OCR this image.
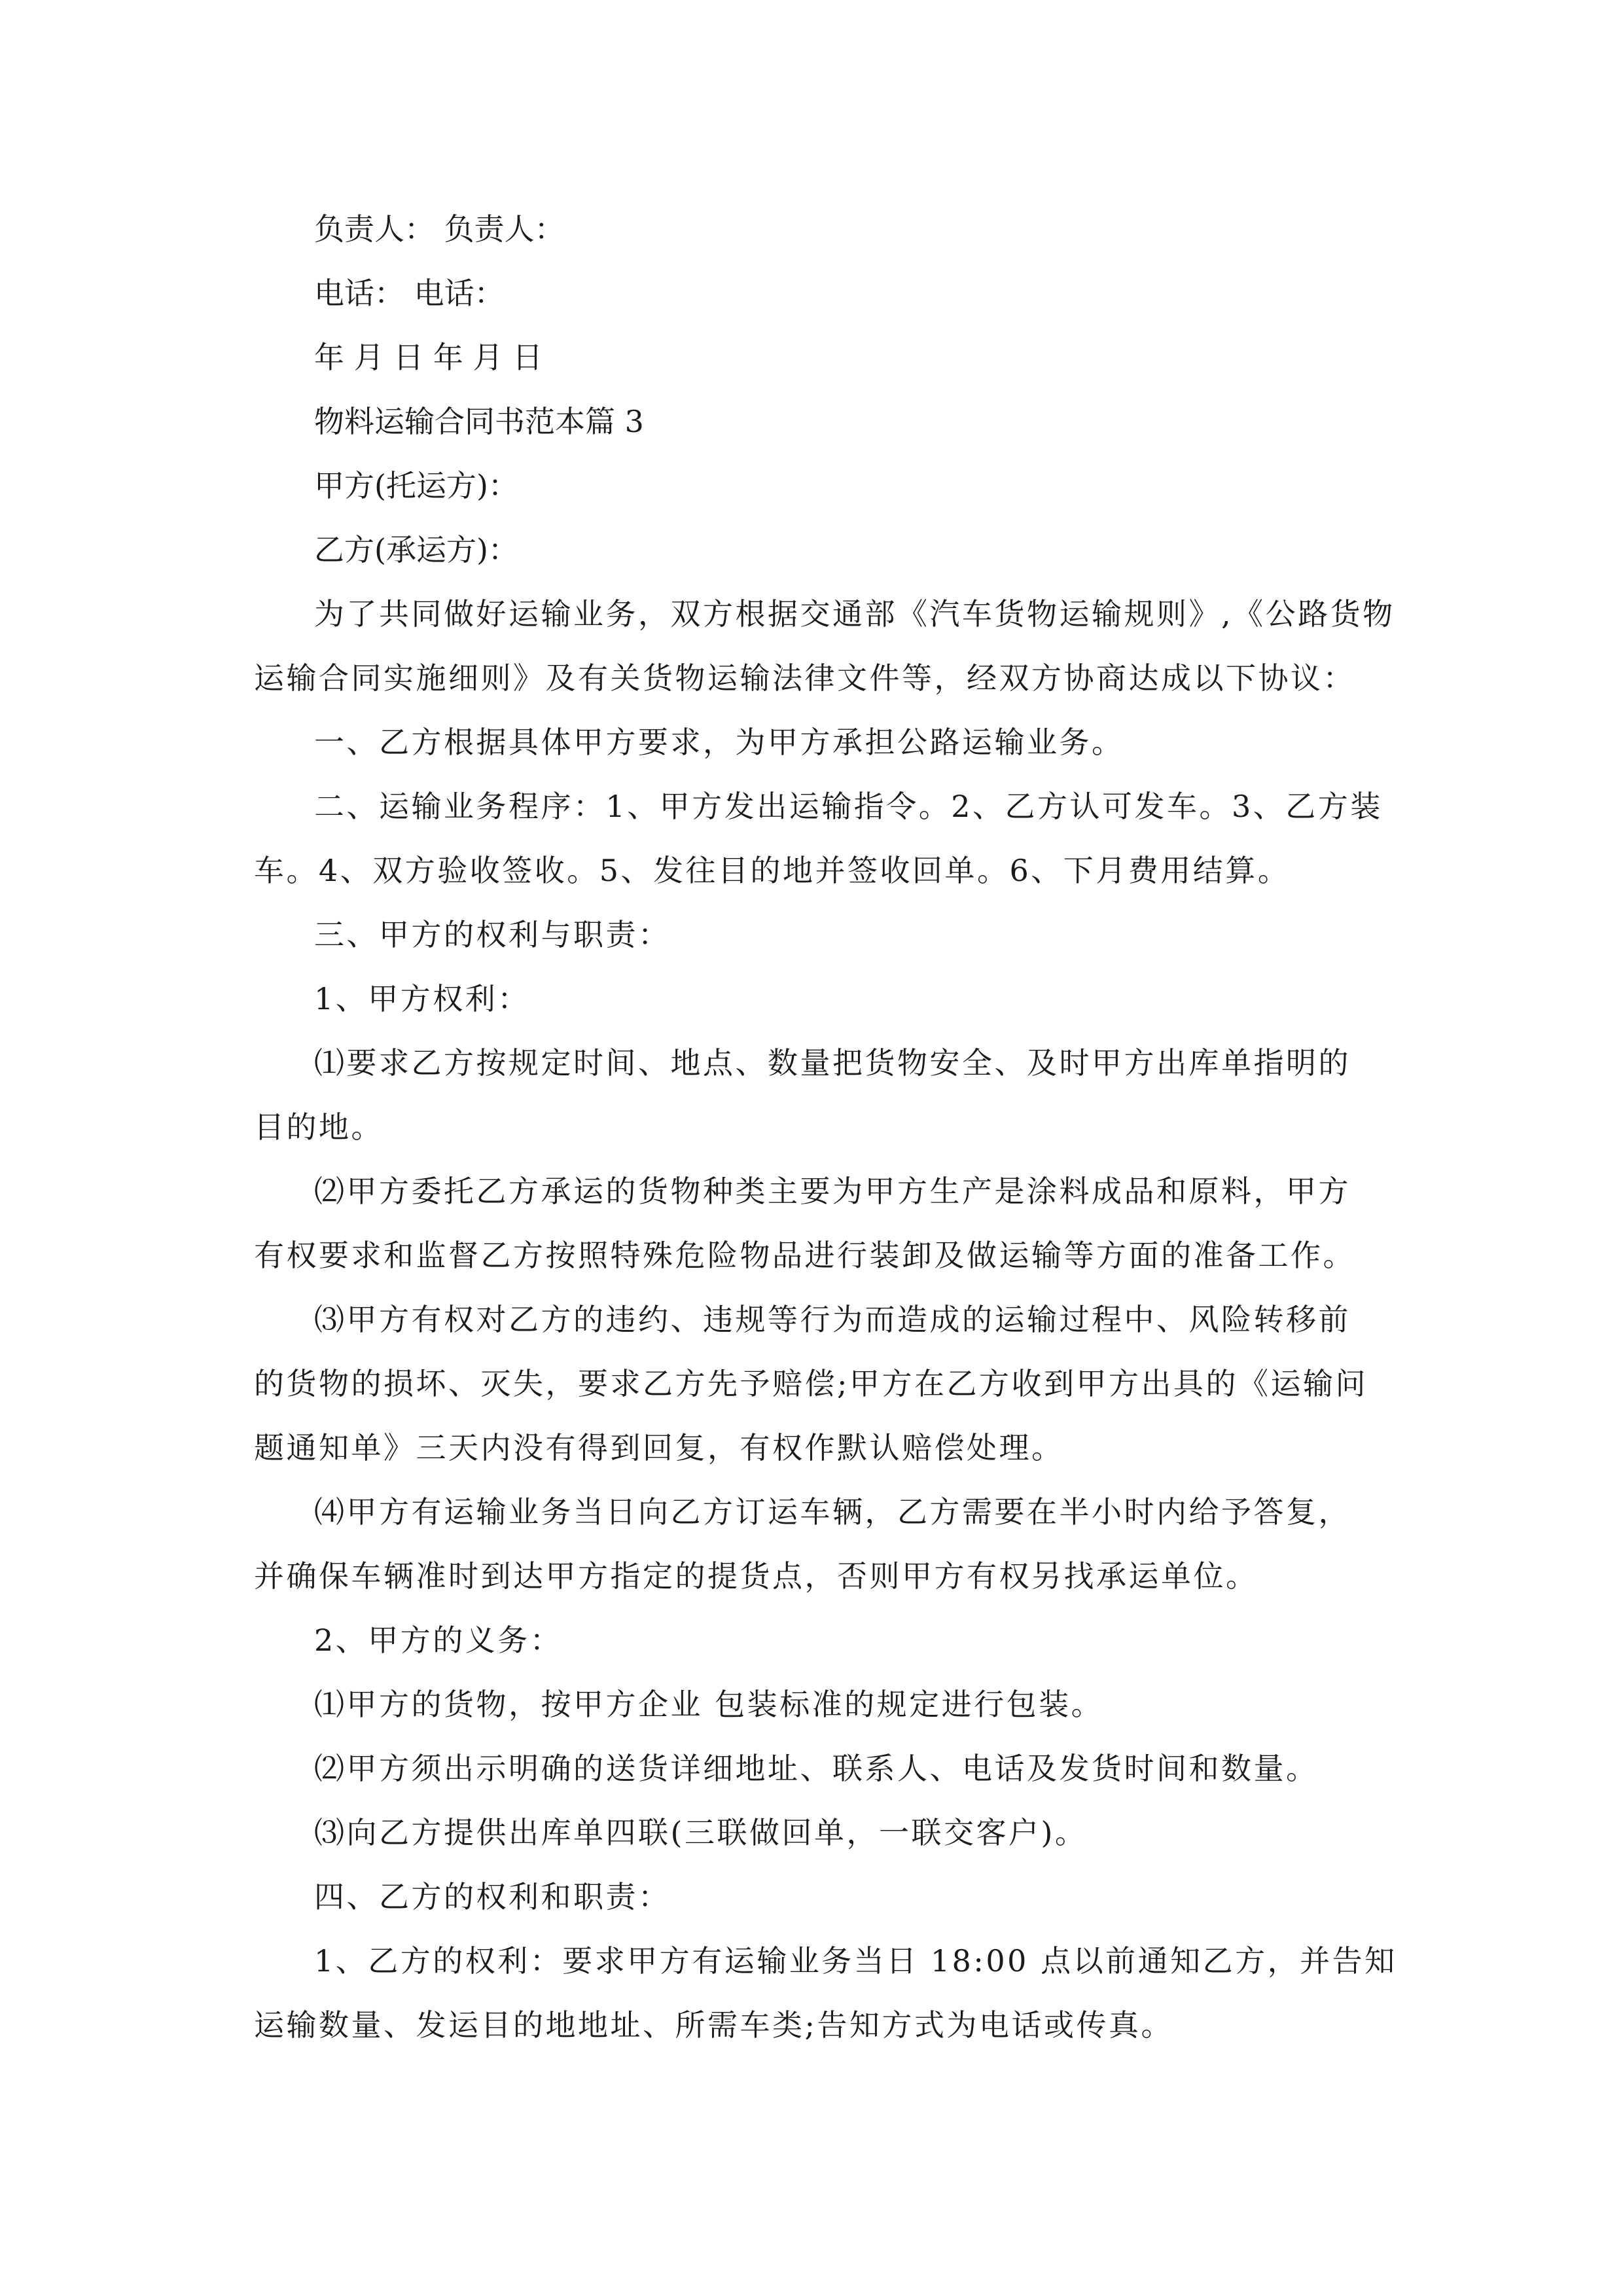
负责人： 负责人：
电话： 电话：
年 月 日 年 月 日
物料运输合同书范本篇 3
甲方(托运方)：
乙方(承运方)：
为了共同做好运输业务，双方根据交通部《汽车货物运输规则》,《公路货物
运输合同实施细则》及有关货物运输法律文件等，经双方协商达成以下协议：
一、乙方根据具体甲方要求，为甲方承担公路运输业务。
二、运输业务程序：1、甲方发出运输指令。2、乙方认可发车。3、乙方装
车。4、双方验收签收。5、发往目的地并签收回单。6、下月费用结算。
三、甲方的权利与职责：
1、甲方权利：
⑴要求乙方按规定时间、地点、数量把货物安全、及时甲方出库单指明的
目的地。
⑵甲方委托乙方承运的货物种类主要为甲方生产是涂料成品和原料，甲方
有权要求和监督乙方按照特殊危险物品进行装卸及做运输等方面的准备工作。
⑶甲方有权对乙方的违约、违规等行为而造成的运输过程中、风险转移前
的货物的损坏、灭失，要求乙方先予赔偿;甲方在乙方收到甲方出具的《运输问
题通知单》三天内没有得到回复，有权作默认赔偿处理。
⑷甲方有运输业务当日向乙方订运车辆，乙方需要在半小时内给予答复，
并确保车辆准时到达甲方指定的提货点，否则甲方有权另找承运单位。
2、甲方的义务：
⑴甲方的货物，按甲方企业 包装标准的规定进行包装。
⑵甲方须出示明确的送货详细地址、联系人、电话及发货时间和数量。
⑶向乙方提供出库单四联(三联做回单，一联交客户)。
四、乙方的权利和职责：
1、乙方的权利：要求甲方有运输业务当日 18:00 点以前通知乙方，并告知
运输数量、发运目的地地址、所需车类;告知方式为电话或传真。
